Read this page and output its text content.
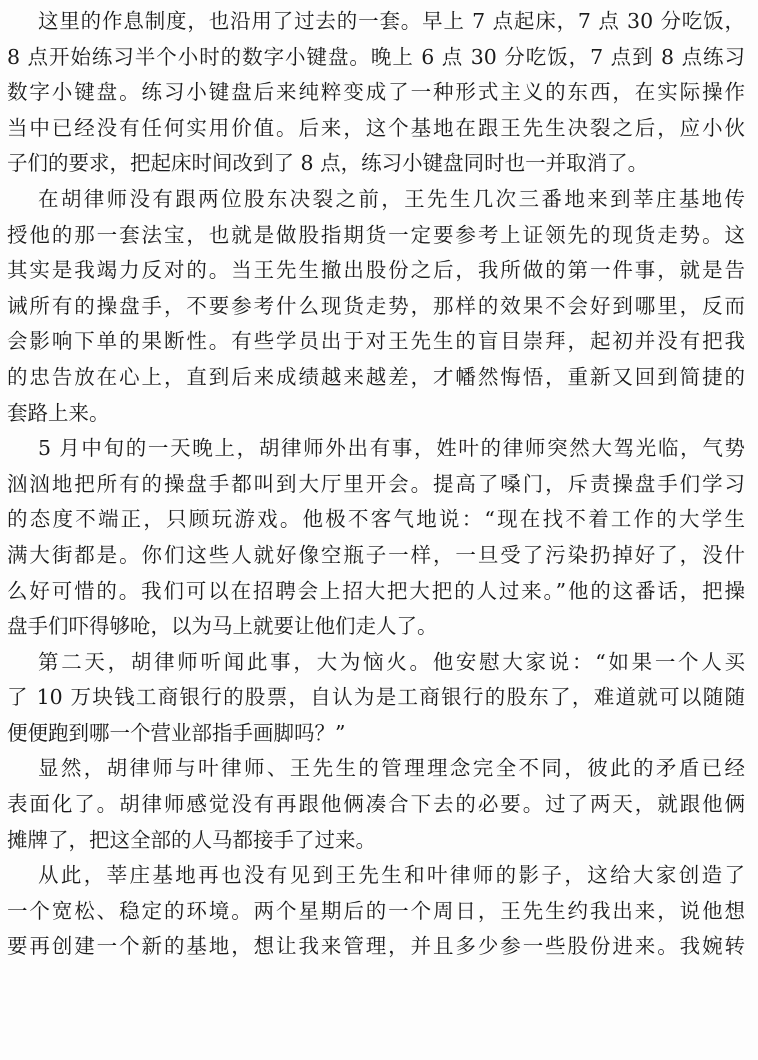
这里的作息制度，也沿用了过去的一套。早上 7 点起床，7 点 30 分吃饭，
8 点开始练习半个小时的数字小键盘。晚上 6 点 30 分吃饭，7 点到 8 点练习
数字小键盘。练习小键盘后来纯粹变成了一种形式主义的东西，在实际操作
当中已经没有任何实用价值。后来，这个基地在跟王先生决裂之后，应小伙
子们的要求，把起床时间改到了 8 点，练习小键盘同时也一并取消了。
在胡律师没有跟两位股东决裂之前，王先生几次三番地来到莘庄基地传
授他的那一套法宝，也就是做股指期货一定要参考上证领先的现货走势。这
其实是我竭力反对的。当王先生撤出股份之后，我所做的第一件事，就是告
诫所有的操盘手，不要参考什么现货走势，那样的效果不会好到哪里，反而
会影响下单的果断性。有些学员出于对王先生的盲目崇拜，起初并没有把我
的忠告放在心上，直到后来成绩越来越差，才幡然悔悟，重新又回到简捷的
套路上来。
5 月中旬的一天晚上，胡律师外出有事，姓叶的律师突然大驾光临，气势
汹汹地把所有的操盘手都叫到大厅里开会。提高了嗓门，斥责操盘手们学习
的态度不端正，只顾玩游戏。他极不客气地说：“现在找不着工作的大学生
满大街都是。你们这些人就好像空瓶子一样，一旦受了污染扔掉好了，没什
么好可惜的。我们可以在招聘会上招大把大把的人过来。”他的这番话，把操
盘手们吓得够呛，以为马上就要让他们走人了。
第二天，胡律师听闻此事，大为恼火。他安慰大家说：“如果一个人买
了 10 万块钱工商银行的股票，自认为是工商银行的股东了，难道就可以随随
便便跑到哪一个营业部指手画脚吗？”
显然，胡律师与叶律师、王先生的管理理念完全不同，彼此的矛盾已经
表面化了。胡律师感觉没有再跟他俩凑合下去的必要。过了两天，就跟他俩
摊牌了，把这全部的人马都接手了过来。
从此，莘庄基地再也没有见到王先生和叶律师的影子，这给大家创造了
一个宽松、稳定的环境。两个星期后的一个周日，王先生约我出来，说他想
要再创建一个新的基地，想让我来管理，并且多少参一些股份进来。我婉转
